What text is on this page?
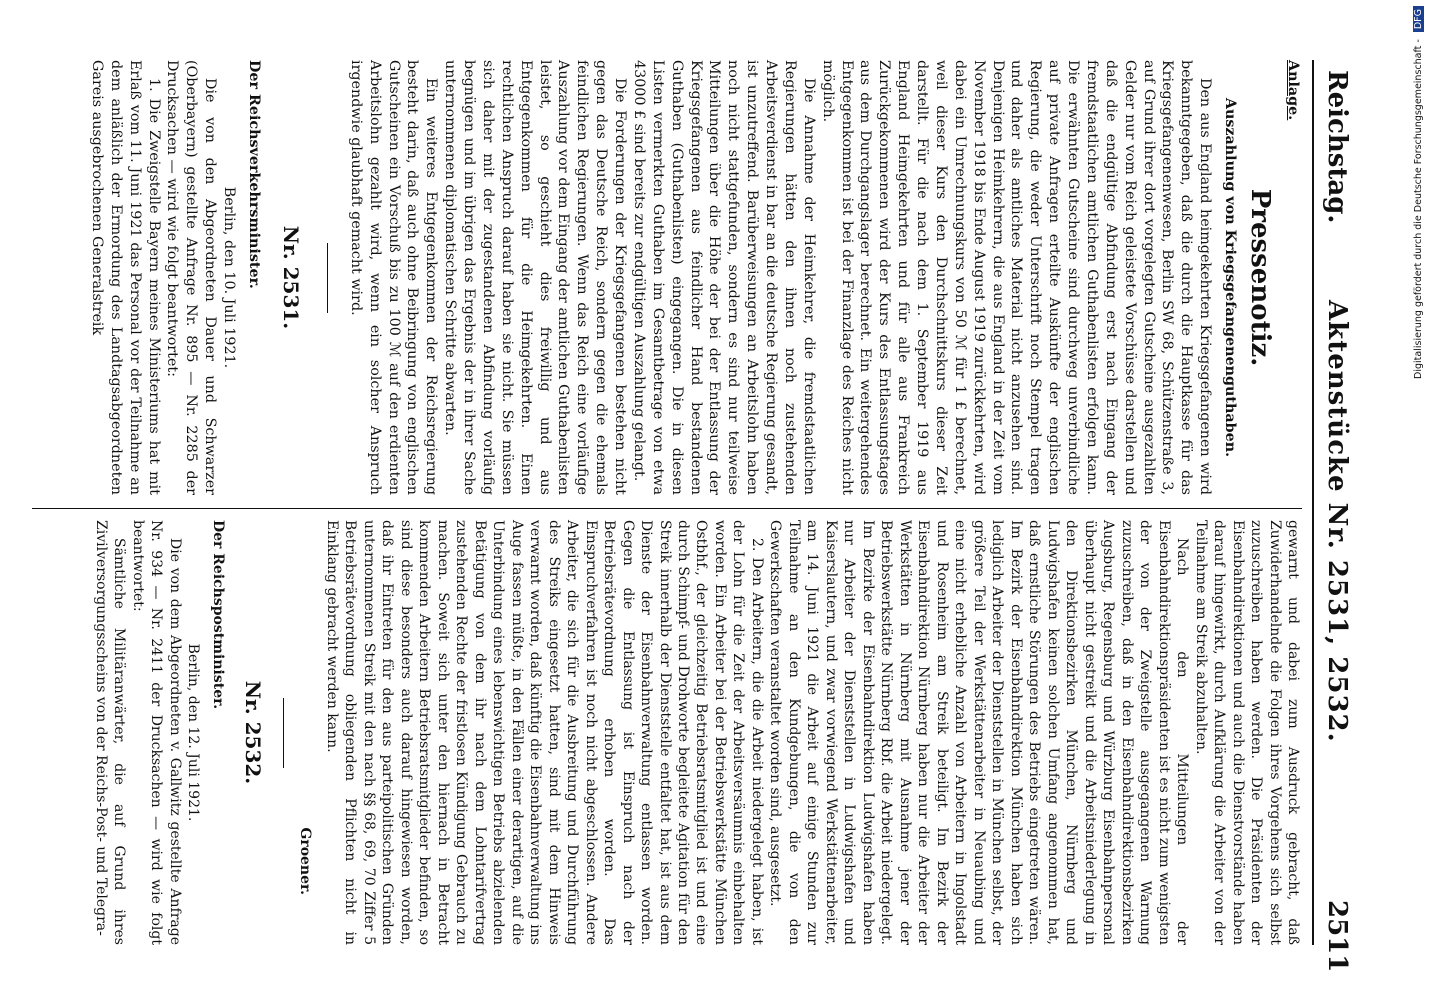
Reichstag.
Aktenstücke Nr. 2531, 2532.
2511
Anlage.
Pressenotiz.
Auszahlung von Kriegsgefangenenguthaben.

Den aus England heimgekehrten Kriegsgefangenen wird bekanntgegeben, daß die durch die Hauptkasse für das Kriegsgefangenenwesen, Berlin SW 68, Schützenstraße 3, auf Grund ihrer dort vorgelegten Gutscheine ausgezahlten Gelder nur vom Reich geleistete Vorschüsse darstellen und daß die endgültige Abfindung erst nach Eingang der fremdstaatlichen amtlichen Guthabenlisten erfolgen kann. Die erwähnten Gutscheine sind durchweg unverbindliche auf private Anfragen erteilte Auskünfte der englischen Regierung, die weder Unterschrift noch Stempel tragen und daher als amtliches Material nicht anzusehen sind. Denjenigen Heimkehrern, die aus England in der Zeit vom November 1918 bis Ende August 1919 zurückkehrten, wird dabei ein Umrechnungskurs von 50 ℳ für 1 £ berechnet, weil dieser Kurs den Durchschnittskurs dieser Zeit darstellt. Für die nach dem 1. September 1919 aus England Heimgekehrten und für alle aus Frankreich Zurückgekommenen wird der Kurs des Entlassungstages aus dem Durchgangslager berechnet. Ein weitergehendes Entgegenkommen ist bei der Finanzlage des Reiches nicht möglich.

Die Annahme der Heimkehrer, die fremdstaatlichen Regierungen hätten den ihnen noch zustehenden Arbeitsverdienst in bar an die deutsche Regierung gesandt, ist unzutreffend. Barüberweisungen an Arbeitslohn haben noch nicht stattgefunden, sondern es sind nur teilweise Mitteilungen über die Höhe der bei der Entlassung der Kriegsgefangenen aus feindlicher Hand bestandenen Guthaben (Guthabenlisten) eingegangen. Die in diesen Listen vermerkten Guthaben im Gesamtbetrage von etwa 43000 £ sind bereits zur endgültigen Auszahlung gelangt.

Die Forderungen der Kriegsgefangenen bestehen nicht gegen das Deutsche Reich, sondern gegen die ehemals feindlichen Regierungen. Wenn das Reich eine vorläufige Auszahlung vor dem Eingang der amtlichen Guthabenlisten leistet, so geschieht dies freiwillig und aus Entgegenkommen für die Heimgekehrten. Einen rechtlichen Anspruch darauf haben sie nicht. Sie müssen sich daher mit der zugestandenen Abfindung vorläufig begnügen und im übrigen das Ergebnis der in ihrer Sache unternommenen diplomatischen Schritte abwarten.

Ein weiteres Entgegenkommen der Reichsregierung besteht darin, daß auch ohne Beibringung von englischen Gutscheinen ein Vorschuß bis zu 100 ℳ auf den erdienten Arbeitslohn gezahlt wird, wenn ein solcher Anspruch irgendwie glaubhaft gemacht wird.

Nr. 2531.
Der Reichsverkehrsminister.
Berlin, den 10. Juli 1921.

Die von den Abgeordneten Dauer und Schwarzer (Oberbayern) gestellte Anfrage Nr. 895 — Nr. 2285 der Drucksachen — wird wie folgt beantwortet:

1. Die Zweigstelle Bayern meines Ministeriums hat mit Erlaß vom 11. Juni 1921 das Personal vor der Teilnahme an dem anläßlich der Ermordung des Landtagsabgeordneten Gareis ausgebrochenen Generalstreik

gewarnt und dabei zum Ausdruck gebracht, daß Zuwiderhandelnde die Folgen ihres Vorgehens sich selbst zuzuschreiben haben werden. Die Präsidenten der Eisenbahndirektionen und auch die Dienstvorstände haben darauf hingewirkt, durch Aufklärung die Arbeiter von der Teilnahme am Streik abzuhalten.

Nach den Mitteilungen der Eisenbahndirektionspräsidenten ist es nicht zum wenigsten der von der Zweigstelle ausgegangenen Warnung zuzuschreiben, daß in den Eisenbahndirektionsbezirken Augsburg, Regensburg und Würzburg Eisenbahnpersonal überhaupt nicht gestreikt und die Arbeitsniederlegung in den Direktionsbezirken München, Nürnberg und Ludwigshafen keinen solchen Umfang angenommen hat, daß ernstliche Störungen des Betriebs eingetreten wären. Im Bezirk der Eisenbahndirektion München haben sich lediglich Arbeiter der Dienststellen in München selbst, der größere Teil der Werkstättenarbeiter in Neuaubing und eine nicht erhebliche Anzahl von Arbeitern in Ingolstadt und Rosenheim am Streik beteiligt. Im Bezirk der Eisenbahndirektion Nürnberg haben nur die Arbeiter der Werkstätten in Nürnberg mit Ausnahme jener der Betriebswerkstätte Nürnberg Rbf. die Arbeit niedergelegt. Im Bezirke der Eisenbahndirektion Ludwigshafen haben nur Arbeiter der Dienststellen in Ludwigshafen und Kaiserslautern, und zwar vorwiegend Werkstättenarbeiter, am 14. Juni 1921 die Arbeit auf einige Stunden zur Teilnahme an den Kundgebungen, die von den Gewerkschaften veranstaltet worden sind, ausgesetzt.

2. Den Arbeitern, die die Arbeit niedergelegt haben, ist der Lohn für die Zeit der Arbeitsversäumnis einbehalten worden. Ein Arbeiter bei der Betriebswerkstätte München Ostbhf., der gleichzeitig Betriebsratsmitglied ist und eine durch Schimpf- und Drohworte begleitete Agitation für den Streik innerhalb der Dienststelle entfaltet hat, ist aus dem Dienste der Eisenbahnverwaltung entlassen worden. Gegen die Entlassung ist Einspruch nach der Betriebsrätevordnung erhoben worden. Das Einspruchverfahren ist noch nicht abgeschlossen. Andere Arbeiter, die sich für die Ausbreitung und Durchführung des Streiks eingesetzt hatten, sind mit dem Hinweis verwarnt worden, daß künftig die Eisenbahnverwaltung ins Auge fassen müßte, in den Fällen einer derartigen, auf die Unterbindung eines lebenswichtigen Betriebs abzielenden Betätigung von dem ihr nach dem Lohntarifvertrag zustehenden Rechte der fristlosen Kündigung Gebrauch zu machen. Soweit sich unter den hiernach in Betracht kommenden Arbeitern Betriebsratsmitglieder befinden, so sind diese besonders auch darauf hingewiesen worden, daß ihr Eintreten für den aus parteipolitischen Gründen unternommenen Streik mit den nach §§ 68, 69, 70 Ziffer 5 Betriebsrätevordnung obliegenden Pflichten nicht in Einklang gebracht werden kann.

Groener.
Nr. 2532.
Der Reichspostminister.
Berlin, den 12. Juli 1921.

Die von dem Abgeordneten v. Gallwitz gestellte Anfrage Nr. 934 — Nr. 2411 der Drucksachen — wird wie folgt beantwortet:

Sämtliche Militäranwärter, die auf Grund ihres Zivilversorgungsscheins von der Reichs-Post- und Telegra-

Digitalisierung gefördert durch die Deutsche Forschungsgemeinschaft - DFG
